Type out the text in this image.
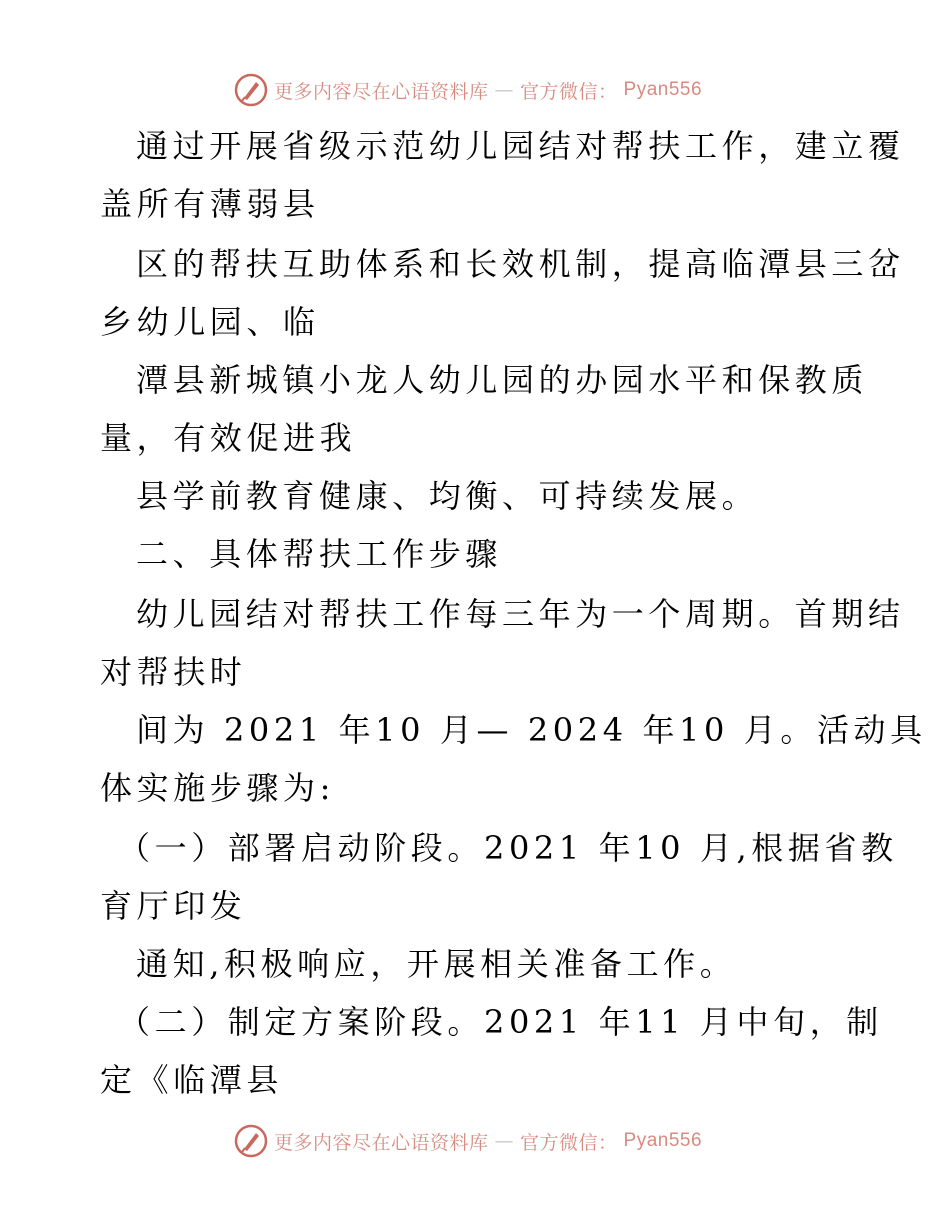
更多内容尽在心语资料库 — 官方微信： Pyan556
通过开展省级示范幼儿园结对帮扶工作，建立覆
盖所有薄弱县
区的帮扶互助体系和长效机制，提高临潭县三岔
乡幼儿园、临
潭县新城镇小龙人幼儿园的办园水平和保教质
量，有效促进我
县学前教育健康、均衡、可持续发展。
二、具体帮扶工作步骤
幼儿园结对帮扶工作每三年为一个周期。首期结
对帮扶时
间为 2021 年10 月— 2024 年10 月。活动具
体实施步骤为:
（一）部署启动阶段。2021 年10 月,根据省教
育厅印发
通知,积极响应，开展相关准备工作。
（二）制定方案阶段。2021 年11 月中旬，制
定《临潭县
更多内容尽在心语资料库 — 官方微信： Pyan556
